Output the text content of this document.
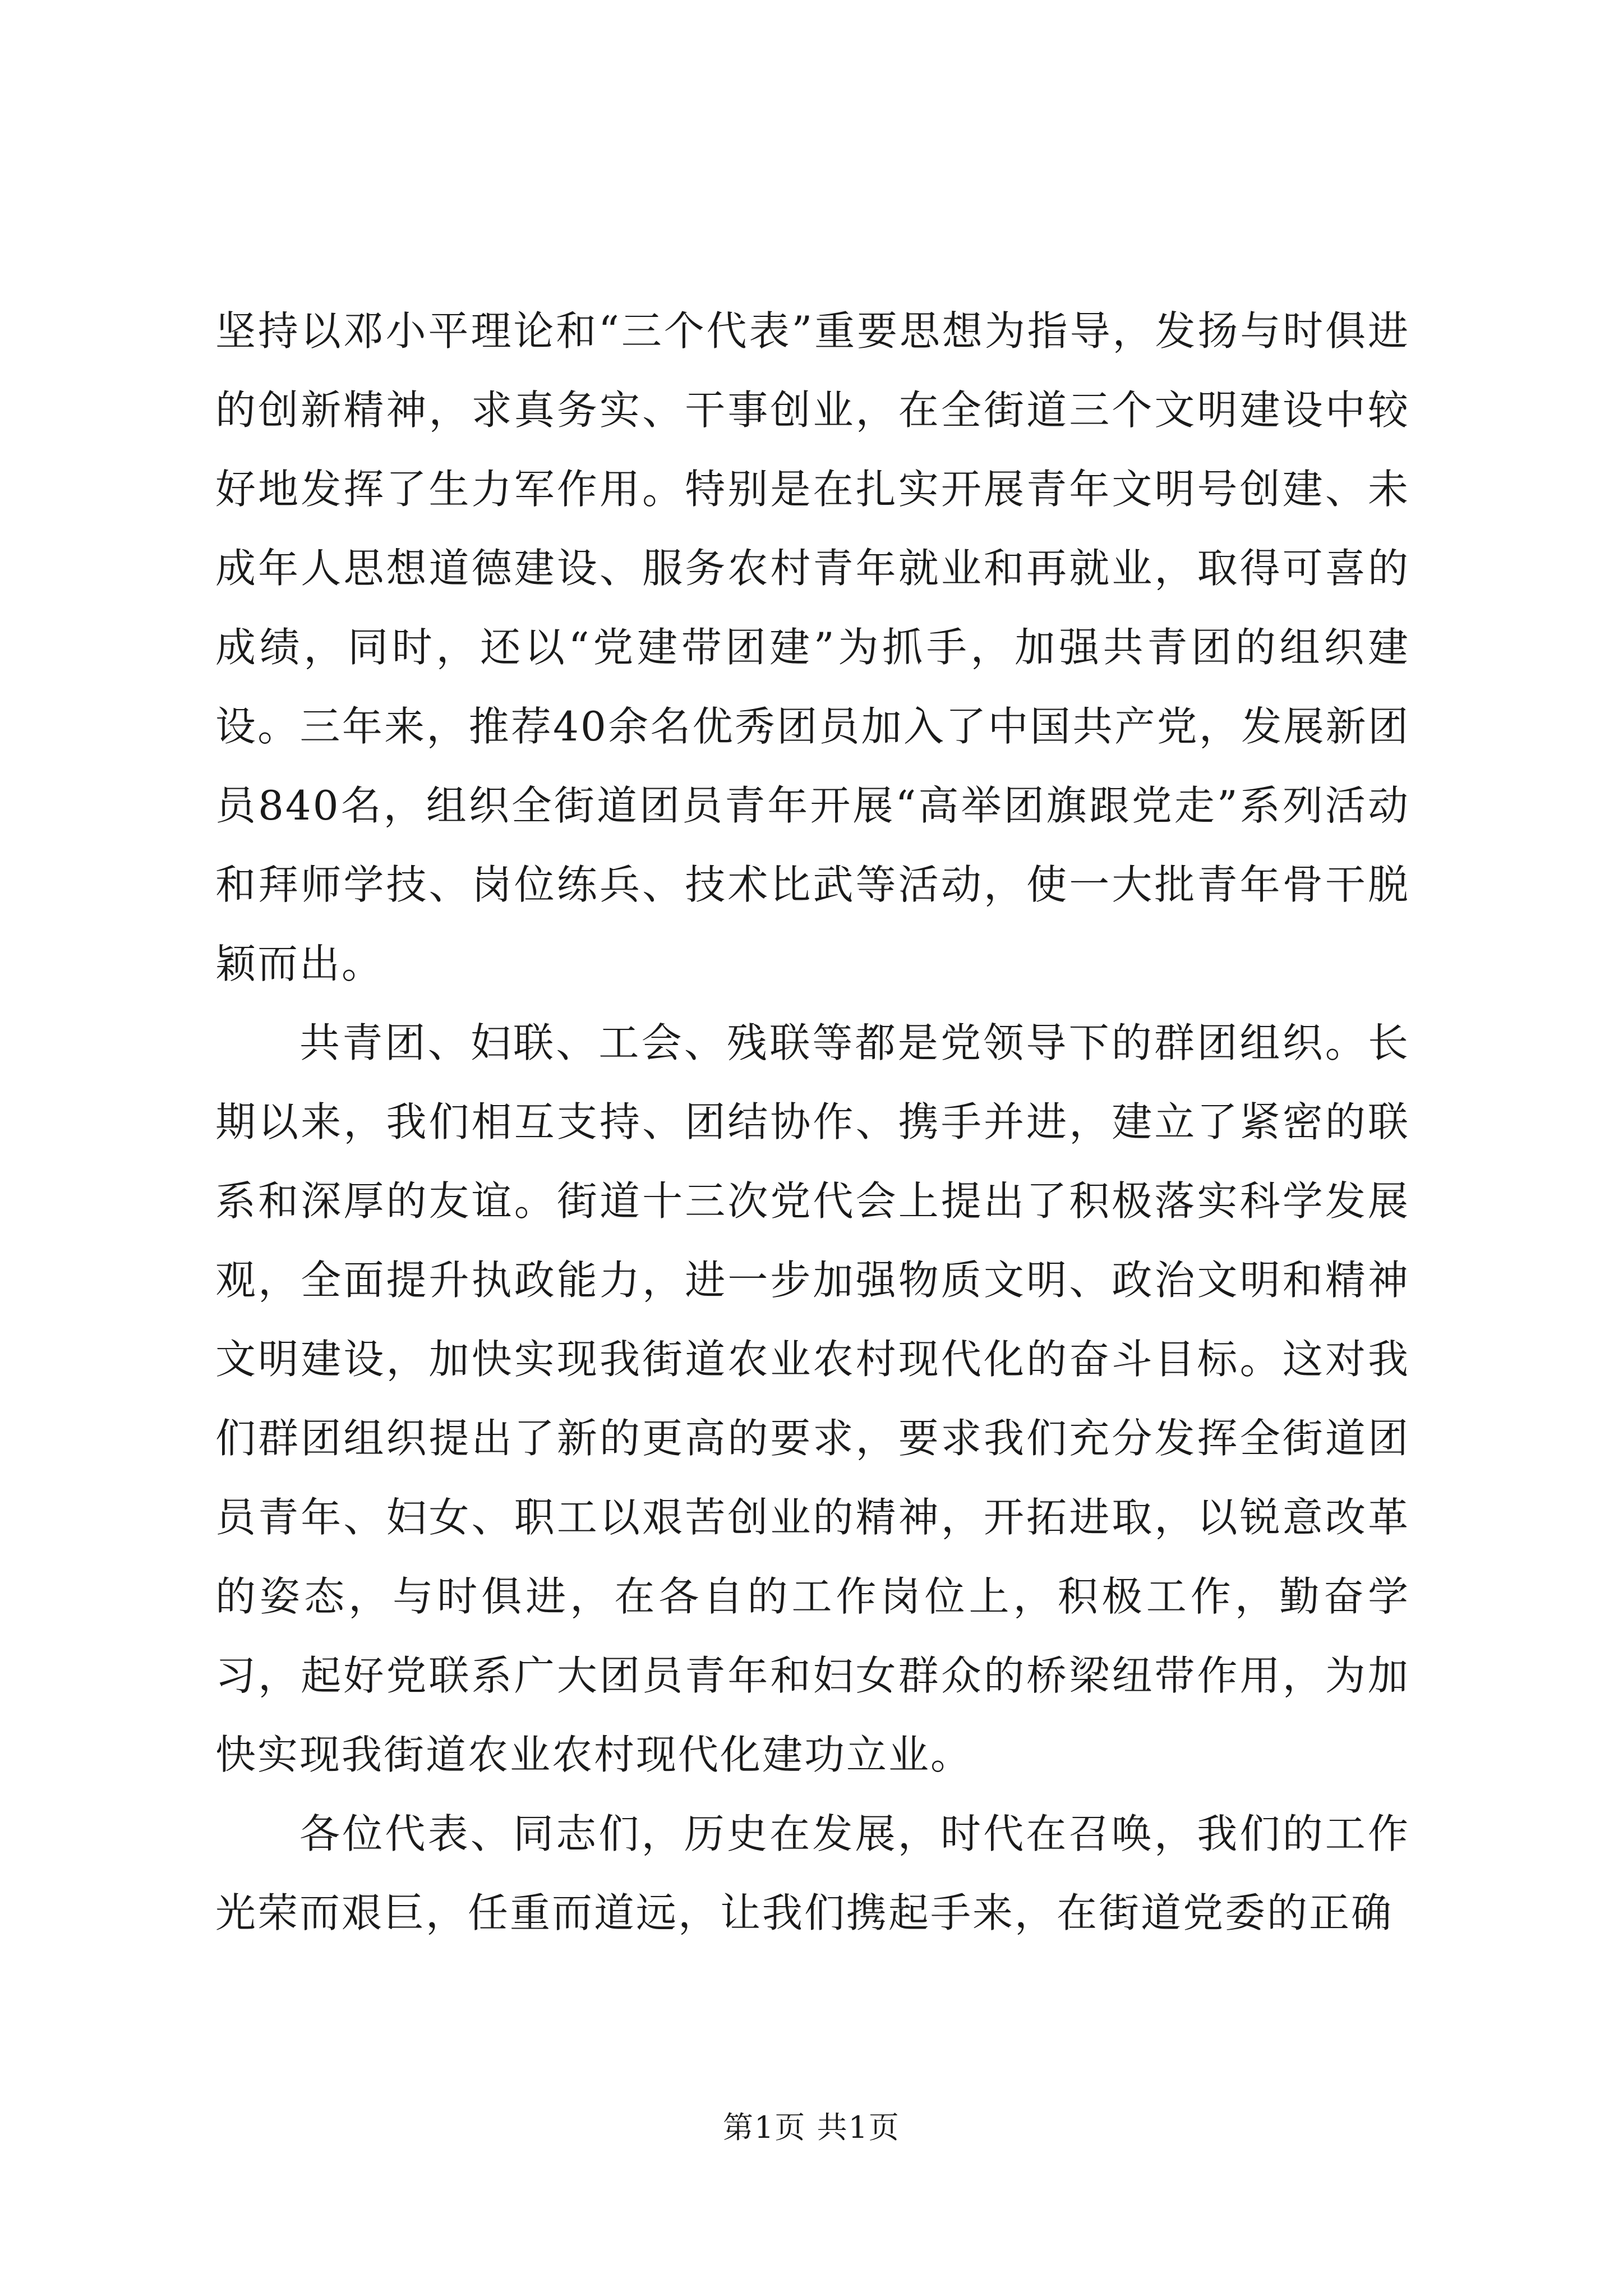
坚持以邓小平理论和“三个代表”重要思想为指导，发扬与时俱进的创新精神，求真务实、干事创业，在全街道三个文明建设中较好地发挥了生力军作用。特别是在扎实开展青年文明号创建、未成年人思想道德建设、服务农村青年就业和再就业，取得可喜的成绩，同时，还以“党建带团建”为抓手，加强共青团的组织建设。三年来，推荐40余名优秀团员加入了中国共产党，发展新团员840名，组织全街道团员青年开展“高举团旗跟党走”系列活动和拜师学技、岗位练兵、技术比武等活动，使一大批青年骨干脱颖而出。

共青团、妇联、工会、残联等都是党领导下的群团组织。长期以来，我们相互支持、团结协作、携手并进，建立了紧密的联系和深厚的友谊。街道十三次党代会上提出了积极落实科学发展观，全面提升执政能力，进一步加强物质文明、政治文明和精神文明建设，加快实现我街道农业农村现代化的奋斗目标。这对我们群团组织提出了新的更高的要求，要求我们充分发挥全街道团员青年、妇女、职工以艰苦创业的精神，开拓进取，以锐意改革的姿态，与时俱进，在各自的工作岗位上，积极工作，勤奋学习，起好党联系广大团员青年和妇女群众的桥梁纽带作用，为加快实现我街道农业农村现代化建功立业。

各位代表、同志们，历史在发展，时代在召唤，我们的工作光荣而艰巨，任重而道远，让我们携起手来，在街道党委的正确

第1页 共1页
